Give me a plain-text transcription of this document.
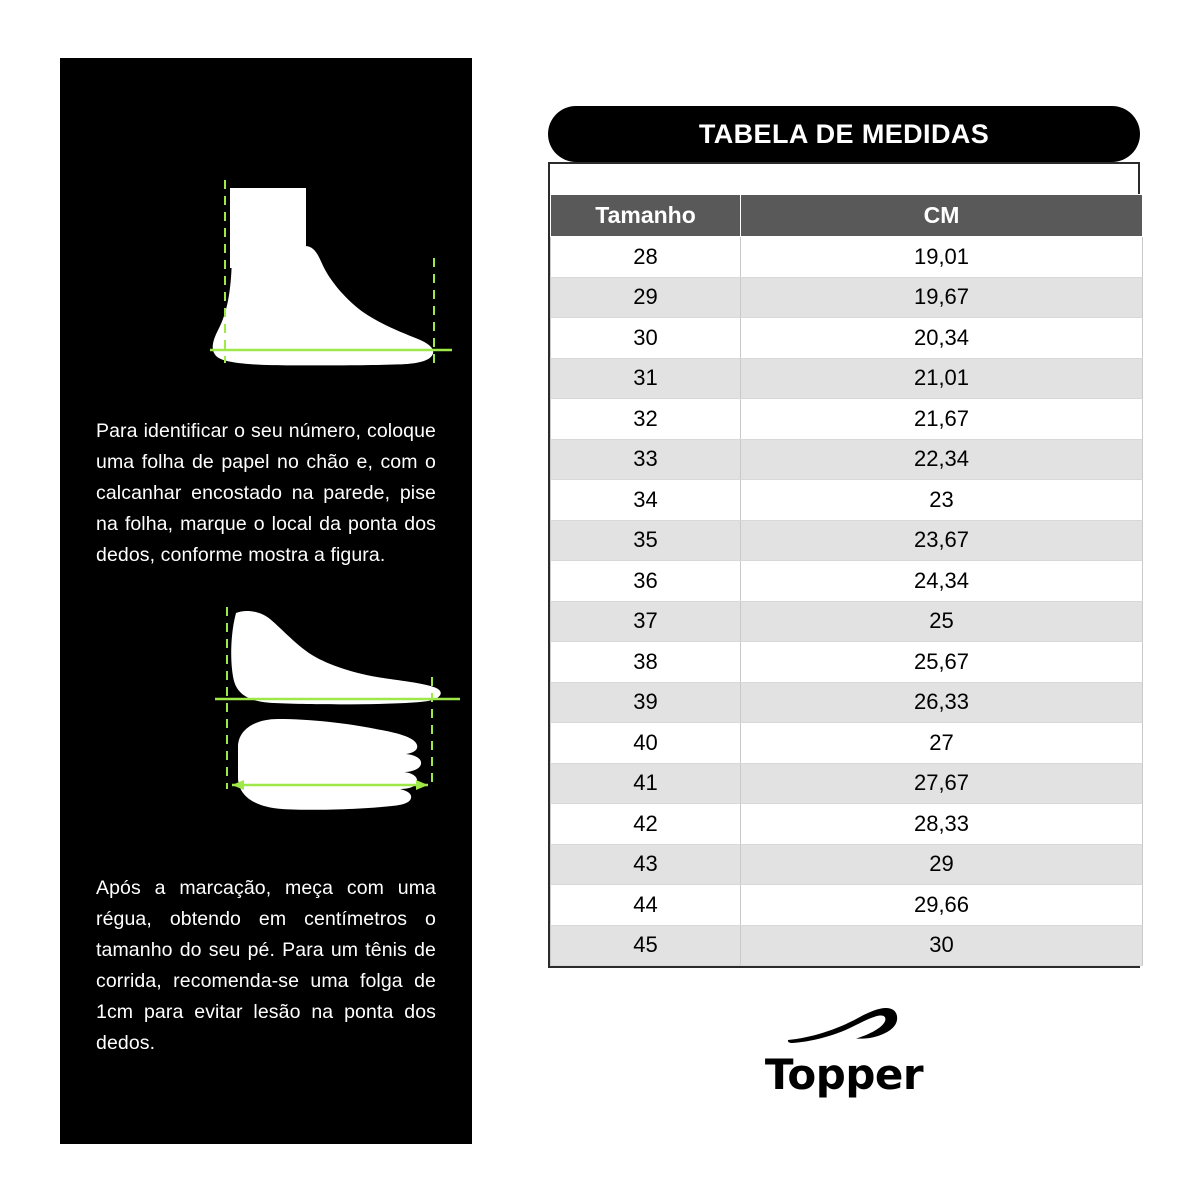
Para identificar o seu número, coloque uma folha de papel no chão e, com o calcanhar encostado na parede, pise na folha, marque o local da ponta dos dedos, conforme mostra a figura.

Após a marcação, meça com uma régua, obtendo em centímetros o tamanho do seu pé. Para um tênis de corrida, recomenda-se uma folga de 1cm para evitar lesão na ponta dos dedos.

TABELA DE MEDIDAS
Tamanho	CM
28	19,01
29	19,67
30	20,34
31	21,01
32	21,67
33	22,34
34	23
35	23,67
36	24,34
37	25
38	25,67
39	26,33
40	27
41	27,67
42	28,33
43	29
44	29,66
45	30
Topper
